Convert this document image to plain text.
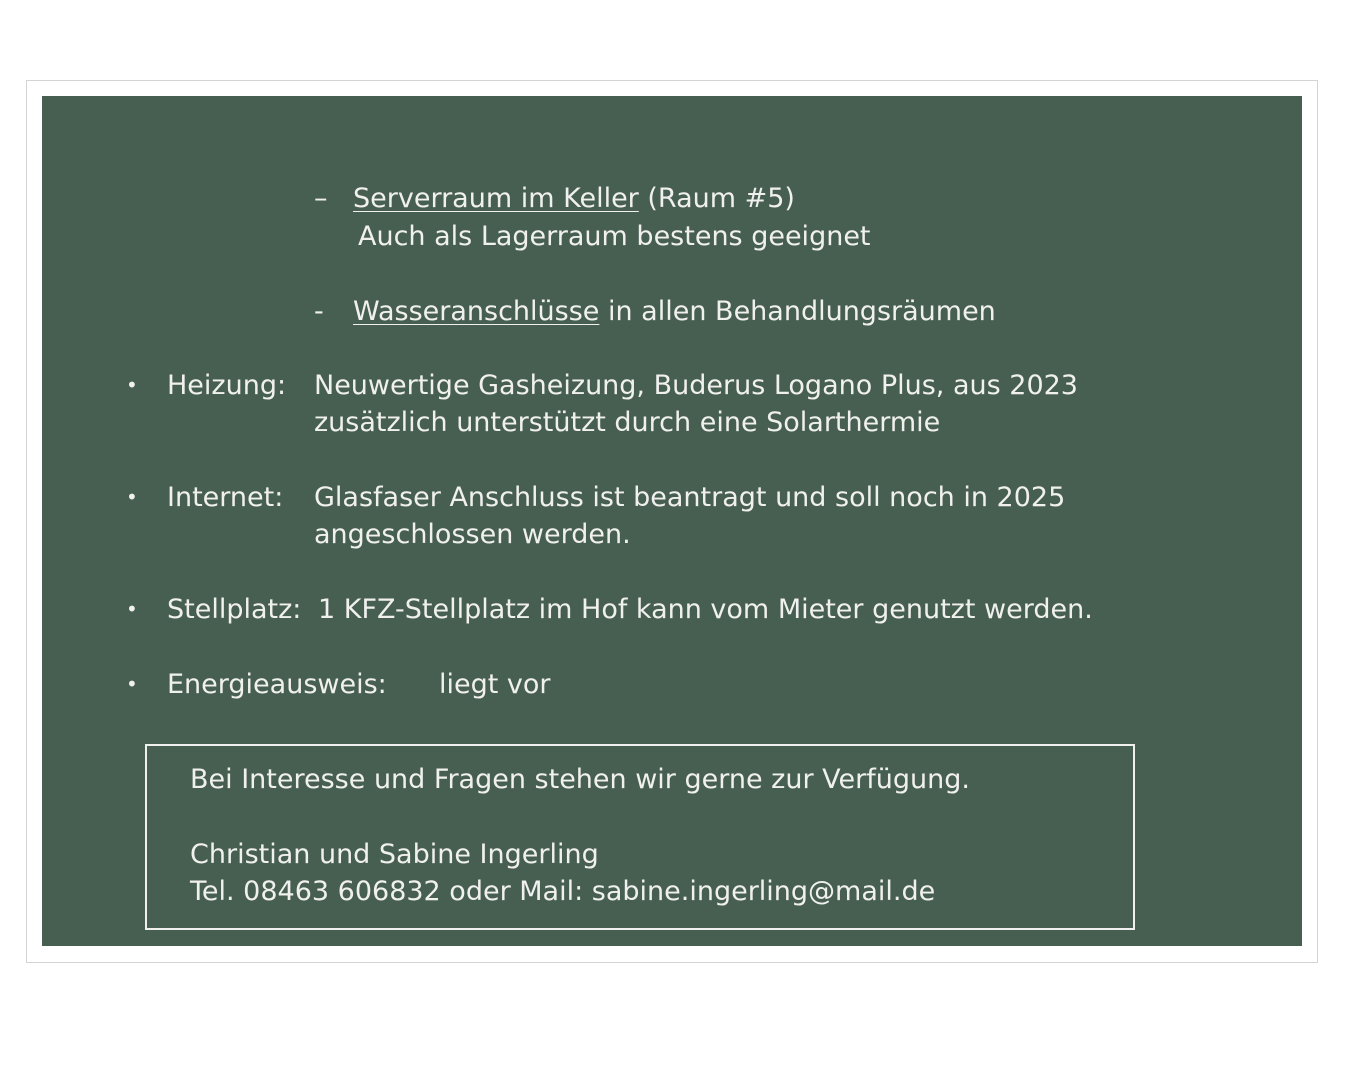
– Serverraum im Keller (Raum #5)
Auch als Lagerraum bestens geeignet
- Wasseranschlüsse in allen Behandlungsräumen
• Heizung: Neuwertige Gasheizung, Buderus Logano Plus, aus 2023
zusätzlich unterstützt durch eine Solarthermie
• Internet: Glasfaser Anschluss ist beantragt und soll noch in 2025
angeschlossen werden.
• Stellplatz: 1 KFZ-Stellplatz im Hof kann vom Mieter genutzt werden.
• Energieausweis: liegt vor
Bei Interesse und Fragen stehen wir gerne zur Verfügung.
Christian und Sabine Ingerling
Tel. 08463 606832 oder Mail: sabine.ingerling@mail.de
